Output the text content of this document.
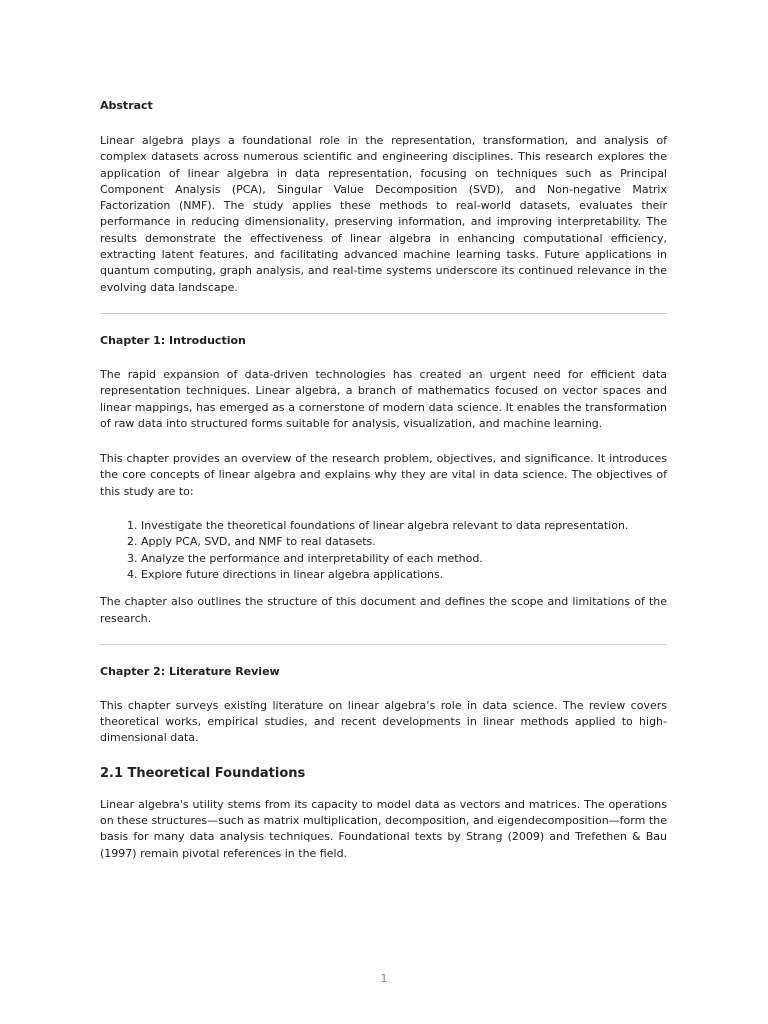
Abstract

Linear algebra plays a foundational role in the representation, transformation, and analysis of complex datasets across numerous scientific and engineering disciplines. This research explores the application of linear algebra in data representation, focusing on techniques such as Principal Component Analysis (PCA), Singular Value Decomposition (SVD), and Non-negative Matrix Factorization (NMF). The study applies these methods to real-world datasets, evaluates their performance in reducing dimensionality, preserving information, and improving interpretability. The results demonstrate the effectiveness of linear algebra in enhancing computational efficiency, extracting latent features, and facilitating advanced machine learning tasks. Future applications in quantum computing, graph analysis, and real-time systems underscore its continued relevance in the evolving data landscape.

Chapter 1: Introduction

The rapid expansion of data-driven technologies has created an urgent need for efficient data representation techniques. Linear algebra, a branch of mathematics focused on vector spaces and linear mappings, has emerged as a cornerstone of modern data science. It enables the transformation of raw data into structured forms suitable for analysis, visualization, and machine learning.

This chapter provides an overview of the research problem, objectives, and significance. It introduces the core concepts of linear algebra and explains why they are vital in data science. The objectives of this study are to:

1. Investigate the theoretical foundations of linear algebra relevant to data representation.
2. Apply PCA, SVD, and NMF to real datasets.
3. Analyze the performance and interpretability of each method.
4. Explore future directions in linear algebra applications.

The chapter also outlines the structure of this document and defines the scope and limitations of the research.

Chapter 2: Literature Review

This chapter surveys existing literature on linear algebra’s role in data science. The review covers theoretical works, empirical studies, and recent developments in linear methods applied to high-dimensional data.

2.1 Theoretical Foundations

Linear algebra's utility stems from its capacity to model data as vectors and matrices. The operations on these structures—such as matrix multiplication, decomposition, and eigendecomposition—form the basis for many data analysis techniques. Foundational texts by Strang (2009) and Trefethen & Bau (1997) remain pivotal references in the field.

1
